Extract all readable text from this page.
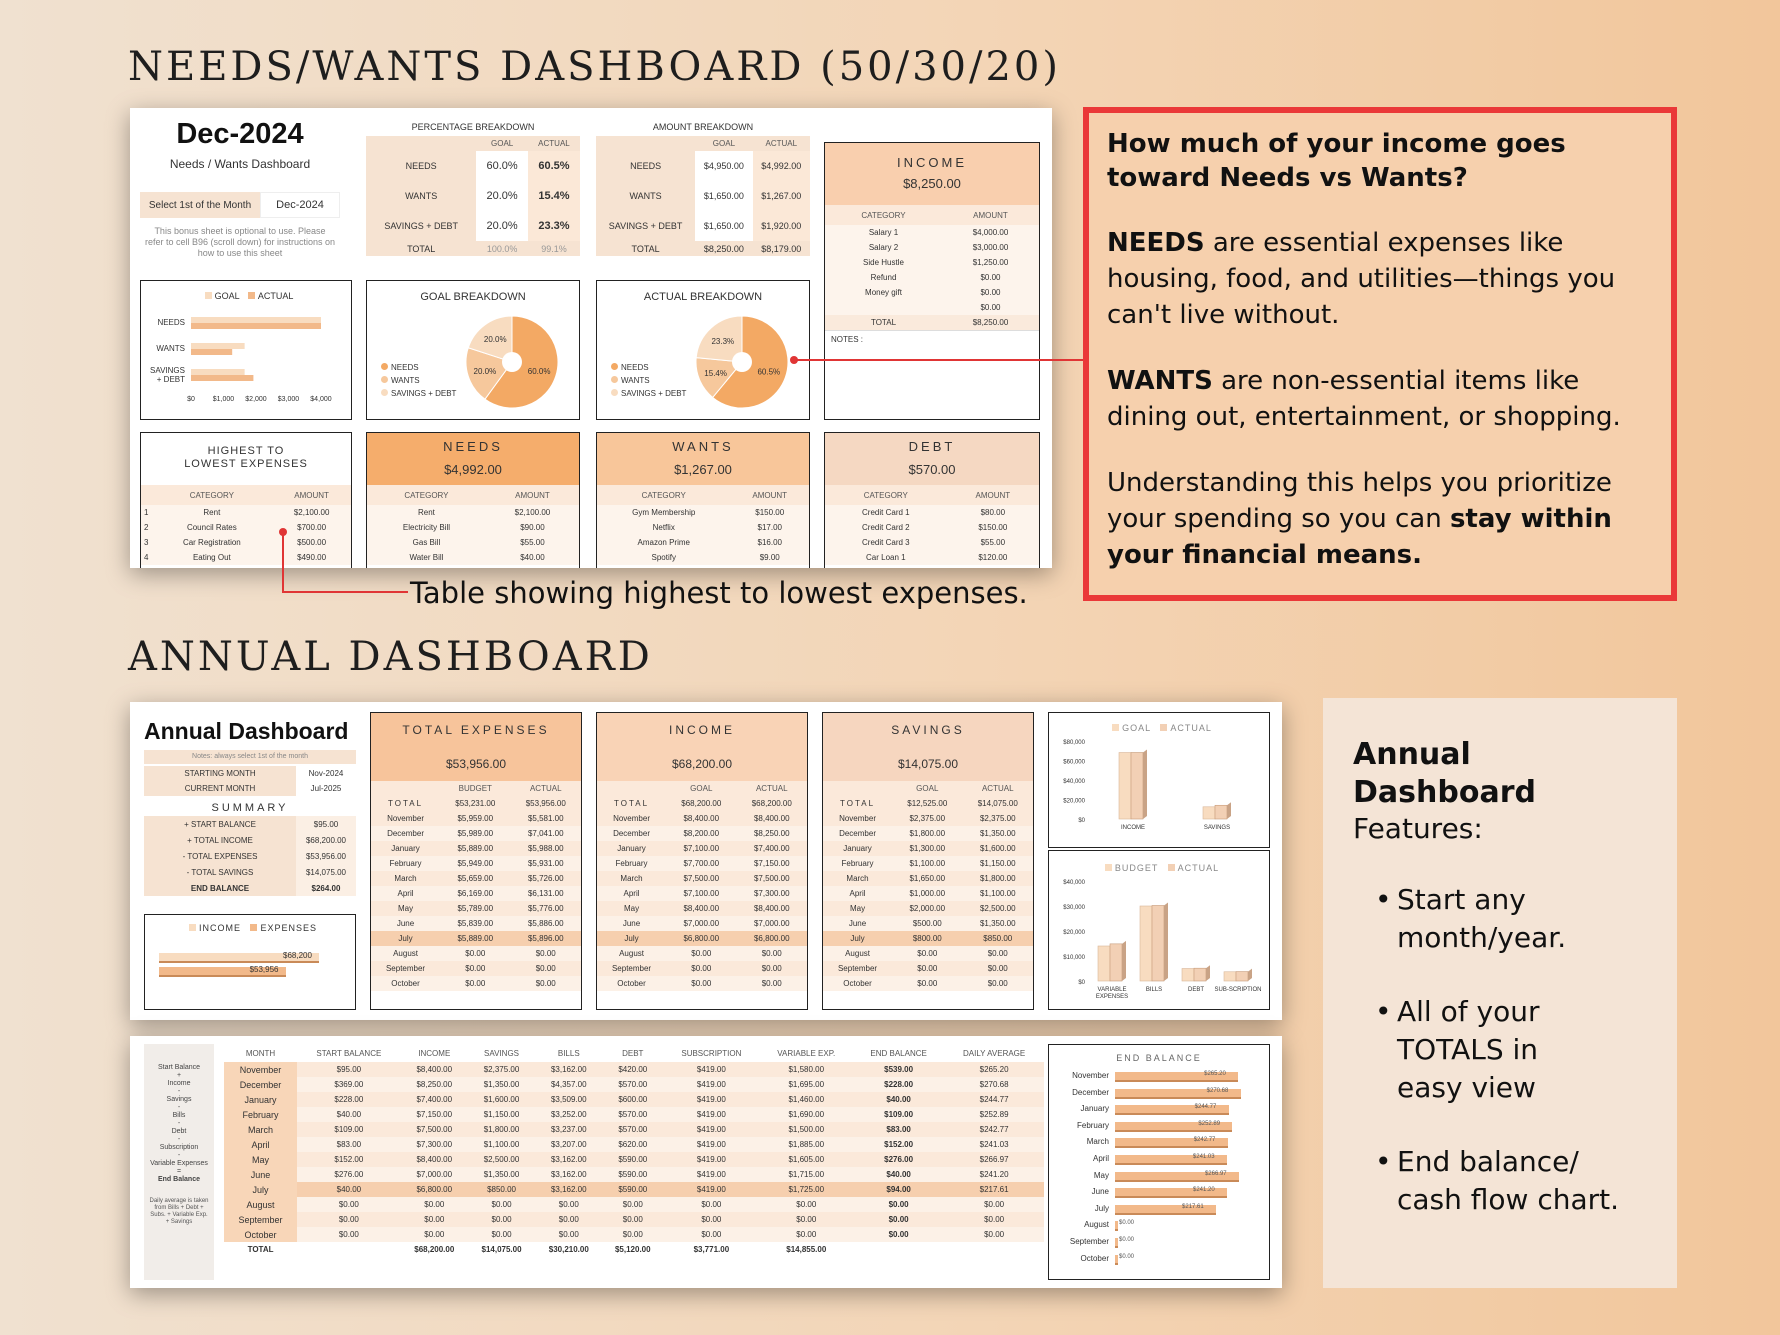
NEEDS/WANTS DASHBOARD (50/30/20)
ANNUAL DASHBOARD
Dec-2024
Needs / Wants Dashboard
Select 1st of the Month	Dec-2024
This bonus sheet is optional to use. Please refer to cell B96 (scroll down) for instructions on how to use this sheet
PERCENTAGE BREAKDOWN
	GOAL	ACTUAL
NEEDS	60.0%	60.5%
WANTS	20.0%	15.4%
SAVINGS + DEBT	20.0%	23.3%
TOTAL	100.0%	99.1%
AMOUNT BREAKDOWN
	GOAL	ACTUAL
NEEDS	$4,950.00	$4,992.00
WANTS	$1,650.00	$1,267.00
SAVINGS + DEBT	$1,650.00	$1,920.00
TOTAL	$8,250.00	$8,179.00
INCOME
$8,250.00
CATEGORY	AMOUNT
Salary 1	$4,000.00
Salary 2	$3,000.00
Side Hustle	$1,250.00
Refund	$0.00
Money gift	$0.00
	$0.00
TOTAL	$8,250.00
NOTES :
GOAL ACTUAL
NEEDS
WANTS
SAVINGS
+ DEBT
$0	$1,000 $2,000 $3,000 $4,000
GOAL BREAKDOWN
NEEDS
WANTS
SAVINGS + DEBT
60.0%
20.0%
20.0%
ACTUAL BREAKDOWN
NEEDS
WANTS
SAVINGS + DEBT
60.5%
15.4%
23.3%
HIGHEST TO LOWEST EXPENSES
	CATEGORY	AMOUNT
1	Rent	$2,100.00
2	Council Rates	$700.00
3	Car Registration	$500.00
4	Eating Out	$490.00
NEEDS
$4,992.00
CATEGORY	AMOUNT
Rent	$2,100.00
Electricity Bill	$90.00
Gas Bill	$55.00
Water Bill	$40.00
WANTS
$1,267.00
CATEGORY	AMOUNT
Gym Membership	$150.00
Netflix	$17.00
Amazon Prime	$16.00
Spotify	$9.00
DEBT
$570.00
CATEGORY	AMOUNT
Credit Card 1	$80.00
Credit Card 2	$150.00
Credit Card 3	$55.00
Car Loan 1	$120.00
Table showing highest to lowest expenses.

How much of your income goes toward Needs vs Wants?

NEEDS are essential expenses like housing, food, and utilities—things you can't live without.

WANTS are non-essential items like dining out, entertainment, or shopping.

Understanding this helps you prioritize your spending so you can stay within your financial means.

Annual Dashboard
Notes: always select 1st of the month
STARTING MONTH	Nov-2024
CURRENT MONTH	Jul-2025
SUMMARY
+ START BALANCE	$95.00
+ TOTAL INCOME	$68,200.00
- TOTAL EXPENSES	$53,956.00
- TOTAL SAVINGS	$14,075.00
END BALANCE	$264.00
INCOME EXPENSES
$68,200
$53,956
TOTAL EXPENSES
$53,956.00
	BUDGET	ACTUAL
TOTAL	$53,231.00	$53,956.00
November	$5,959.00	$5,581.00
December	$5,989.00	$7,041.00
January	$5,889.00	$5,988.00
February	$5,949.00	$5,931.00
March	$5,659.00	$5,726.00
April	$6,169.00	$6,131.00
May	$5,789.00	$5,776.00
June	$5,839.00	$5,886.00
July	$5,889.00	$5,896.00
August	$0.00	$0.00
September	$0.00	$0.00
October	$0.00	$0.00
INCOME
$68,200.00
	GOAL	ACTUAL
TOTAL	$68,200.00	$68,200.00
November	$8,400.00	$8,400.00
December	$8,200.00	$8,250.00
January	$7,100.00	$7,400.00
February	$7,700.00	$7,150.00
March	$7,500.00	$7,500.00
April	$7,100.00	$7,300.00
May	$8,400.00	$8,400.00
June	$7,000.00	$7,000.00
July	$6,800.00	$6,800.00
August	$0.00	$0.00
September	$0.00	$0.00
October	$0.00	$0.00
SAVINGS
$14,075.00
	GOAL	ACTUAL
TOTAL	$12,525.00	$14,075.00
November	$2,375.00	$2,375.00
December	$1,800.00	$1,350.00
January	$1,300.00	$1,600.00
February	$1,100.00	$1,150.00
March	$1,650.00	$1,800.00
April	$1,000.00	$1,100.00
May	$2,000.00	$2,500.00
June	$500.00	$1,350.00
July	$800.00	$850.00
August	$0.00	$0.00
September	$0.00	$0.00
October	$0.00	$0.00
GOAL ACTUAL
$80,000
$60,000
$40,000
$20,000
$0
INCOME	SAVINGS
BUDGET ACTUAL
$40,000
$30,000
$20,000
$10,000
$0
VARIABLE
EXPENSES
BILLS	DEBT SUB-SCRIPTION
Start Balance
+
Income
-
Savings
-
Bills
-
Debt
-
Subscription
-
Variable Expenses
=
End Balance
Daily average is taken from Bills + Debt + Subs. + Variable Exp. + Savings
MONTH	START BALANCE	INCOME	SAVINGS	BILLS	DEBT	SUBSCRIPTION	VARIABLE EXP.	END BALANCE	DAILY AVERAGE
November	$95.00	$8,400.00	$2,375.00	$3,162.00	$420.00	$419.00	$1,580.00	$539.00	$265.20
December	$369.00	$8,250.00	$1,350.00	$4,357.00	$570.00	$419.00	$1,695.00	$228.00	$270.68
January	$228.00	$7,400.00	$1,600.00	$3,509.00	$600.00	$419.00	$1,460.00	$40.00	$244.77
February	$40.00	$7,150.00	$1,150.00	$3,252.00	$570.00	$419.00	$1,690.00	$109.00	$252.89
March	$109.00	$7,500.00	$1,800.00	$3,237.00	$570.00	$419.00	$1,500.00	$83.00	$242.77
April	$83.00	$7,300.00	$1,100.00	$3,207.00	$620.00	$419.00	$1,885.00	$152.00	$241.03
May	$152.00	$8,400.00	$2,500.00	$3,162.00	$590.00	$419.00	$1,605.00	$276.00	$266.97
June	$276.00	$7,000.00	$1,350.00	$3,162.00	$590.00	$419.00	$1,715.00	$40.00	$241.20
July	$40.00	$6,800.00	$850.00	$3,162.00	$590.00	$419.00	$1,725.00	$94.00	$217.61
August	$0.00	$0.00	$0.00	$0.00	$0.00	$0.00	$0.00	$0.00	$0.00
September	$0.00	$0.00	$0.00	$0.00	$0.00	$0.00	$0.00	$0.00	$0.00
October	$0.00	$0.00	$0.00	$0.00	$0.00	$0.00	$0.00	$0.00	$0.00
TOTAL		$68,200.00	$14,075.00	$30,210.00	$5,120.00	$3,771.00	$14,855.00		
END BALANCE
November	$265.20
December	$270.68
January	$244.77
February	$252.89
March	$242.77
April	$241.03
May	$266.97
June	$241.20
July	$217.61
August $0.00
September $0.00
October $0.00
Annual Dashboard
Features:
• Start any month/year.
• All of your TOTALS in easy view
• End balance/ cash flow chart.
